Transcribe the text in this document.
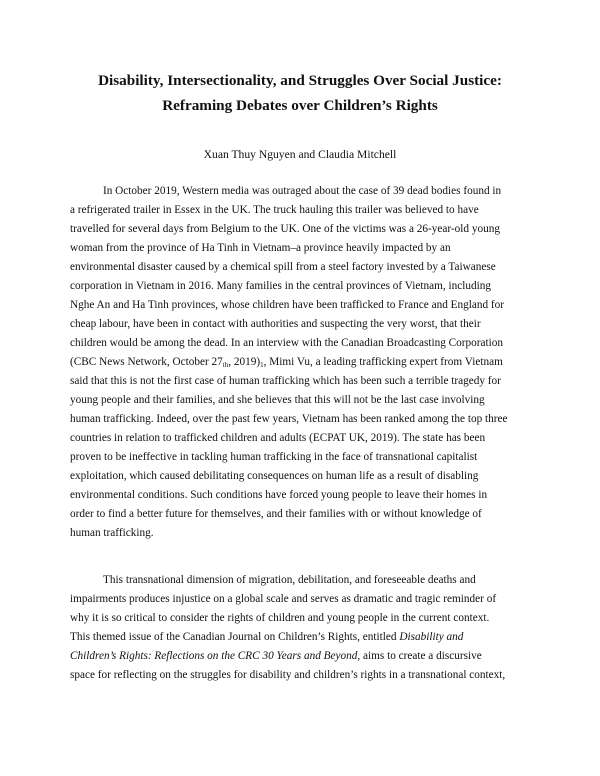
Disability, Intersectionality, and Struggles Over Social Justice:
Reframing Debates over Children’s Rights
Xuan Thuy Nguyen and Claudia Mitchell
In October 2019, Western media was outraged about the case of 39 dead bodies found in
a refrigerated trailer in Essex in the UK. The truck hauling this trailer was believed to have
travelled for several days from Belgium to the UK. One of the victims was a 26-year-old young
woman from the province of Ha Tinh in Vietnam–a province heavily impacted by an
environmental disaster caused by a chemical spill from a steel factory invested by a Taiwanese
corporation in Vietnam in 2016. Many families in the central provinces of Vietnam, including
Nghe An and Ha Tinh provinces, whose children have been trafficked to France and England for
cheap labour, have been in contact with authorities and suspecting the very worst, that their
children would be among the dead. In an interview with the Canadian Broadcasting Corporation
(CBC News Network, October 27th, 2019)$^1$, Mimi Vu, a leading trafficking expert from Vietnam
said that this is not the first case of human trafficking which has been such a terrible tragedy for
young people and their families, and she believes that this will not be the last case involving
human trafficking. Indeed, over the past few years, Vietnam has been ranked among the top three
countries in relation to trafficked children and adults (ECPAT UK, 2019). The state has been
proven to be ineffective in tackling human trafficking in the face of transnational capitalist
exploitation, which caused debilitating consequences on human life as a result of disabling
environmental conditions. Such conditions have forced young people to leave their homes in
order to find a better future for themselves, and their families with or without knowledge of
human trafficking.
This transnational dimension of migration, debilitation, and foreseeable deaths and
impairments produces injustice on a global scale and serves as dramatic and tragic reminder of
why it is so critical to consider the rights of children and young people in the current context.
This themed issue of the Canadian Journal on Children’s Rights, entitled Disability and
Children’s Rights: Reflections on the CRC 30 Years and Beyond, aims to create a discursive
space for reflecting on the struggles for disability and children’s rights in a transnational context,
